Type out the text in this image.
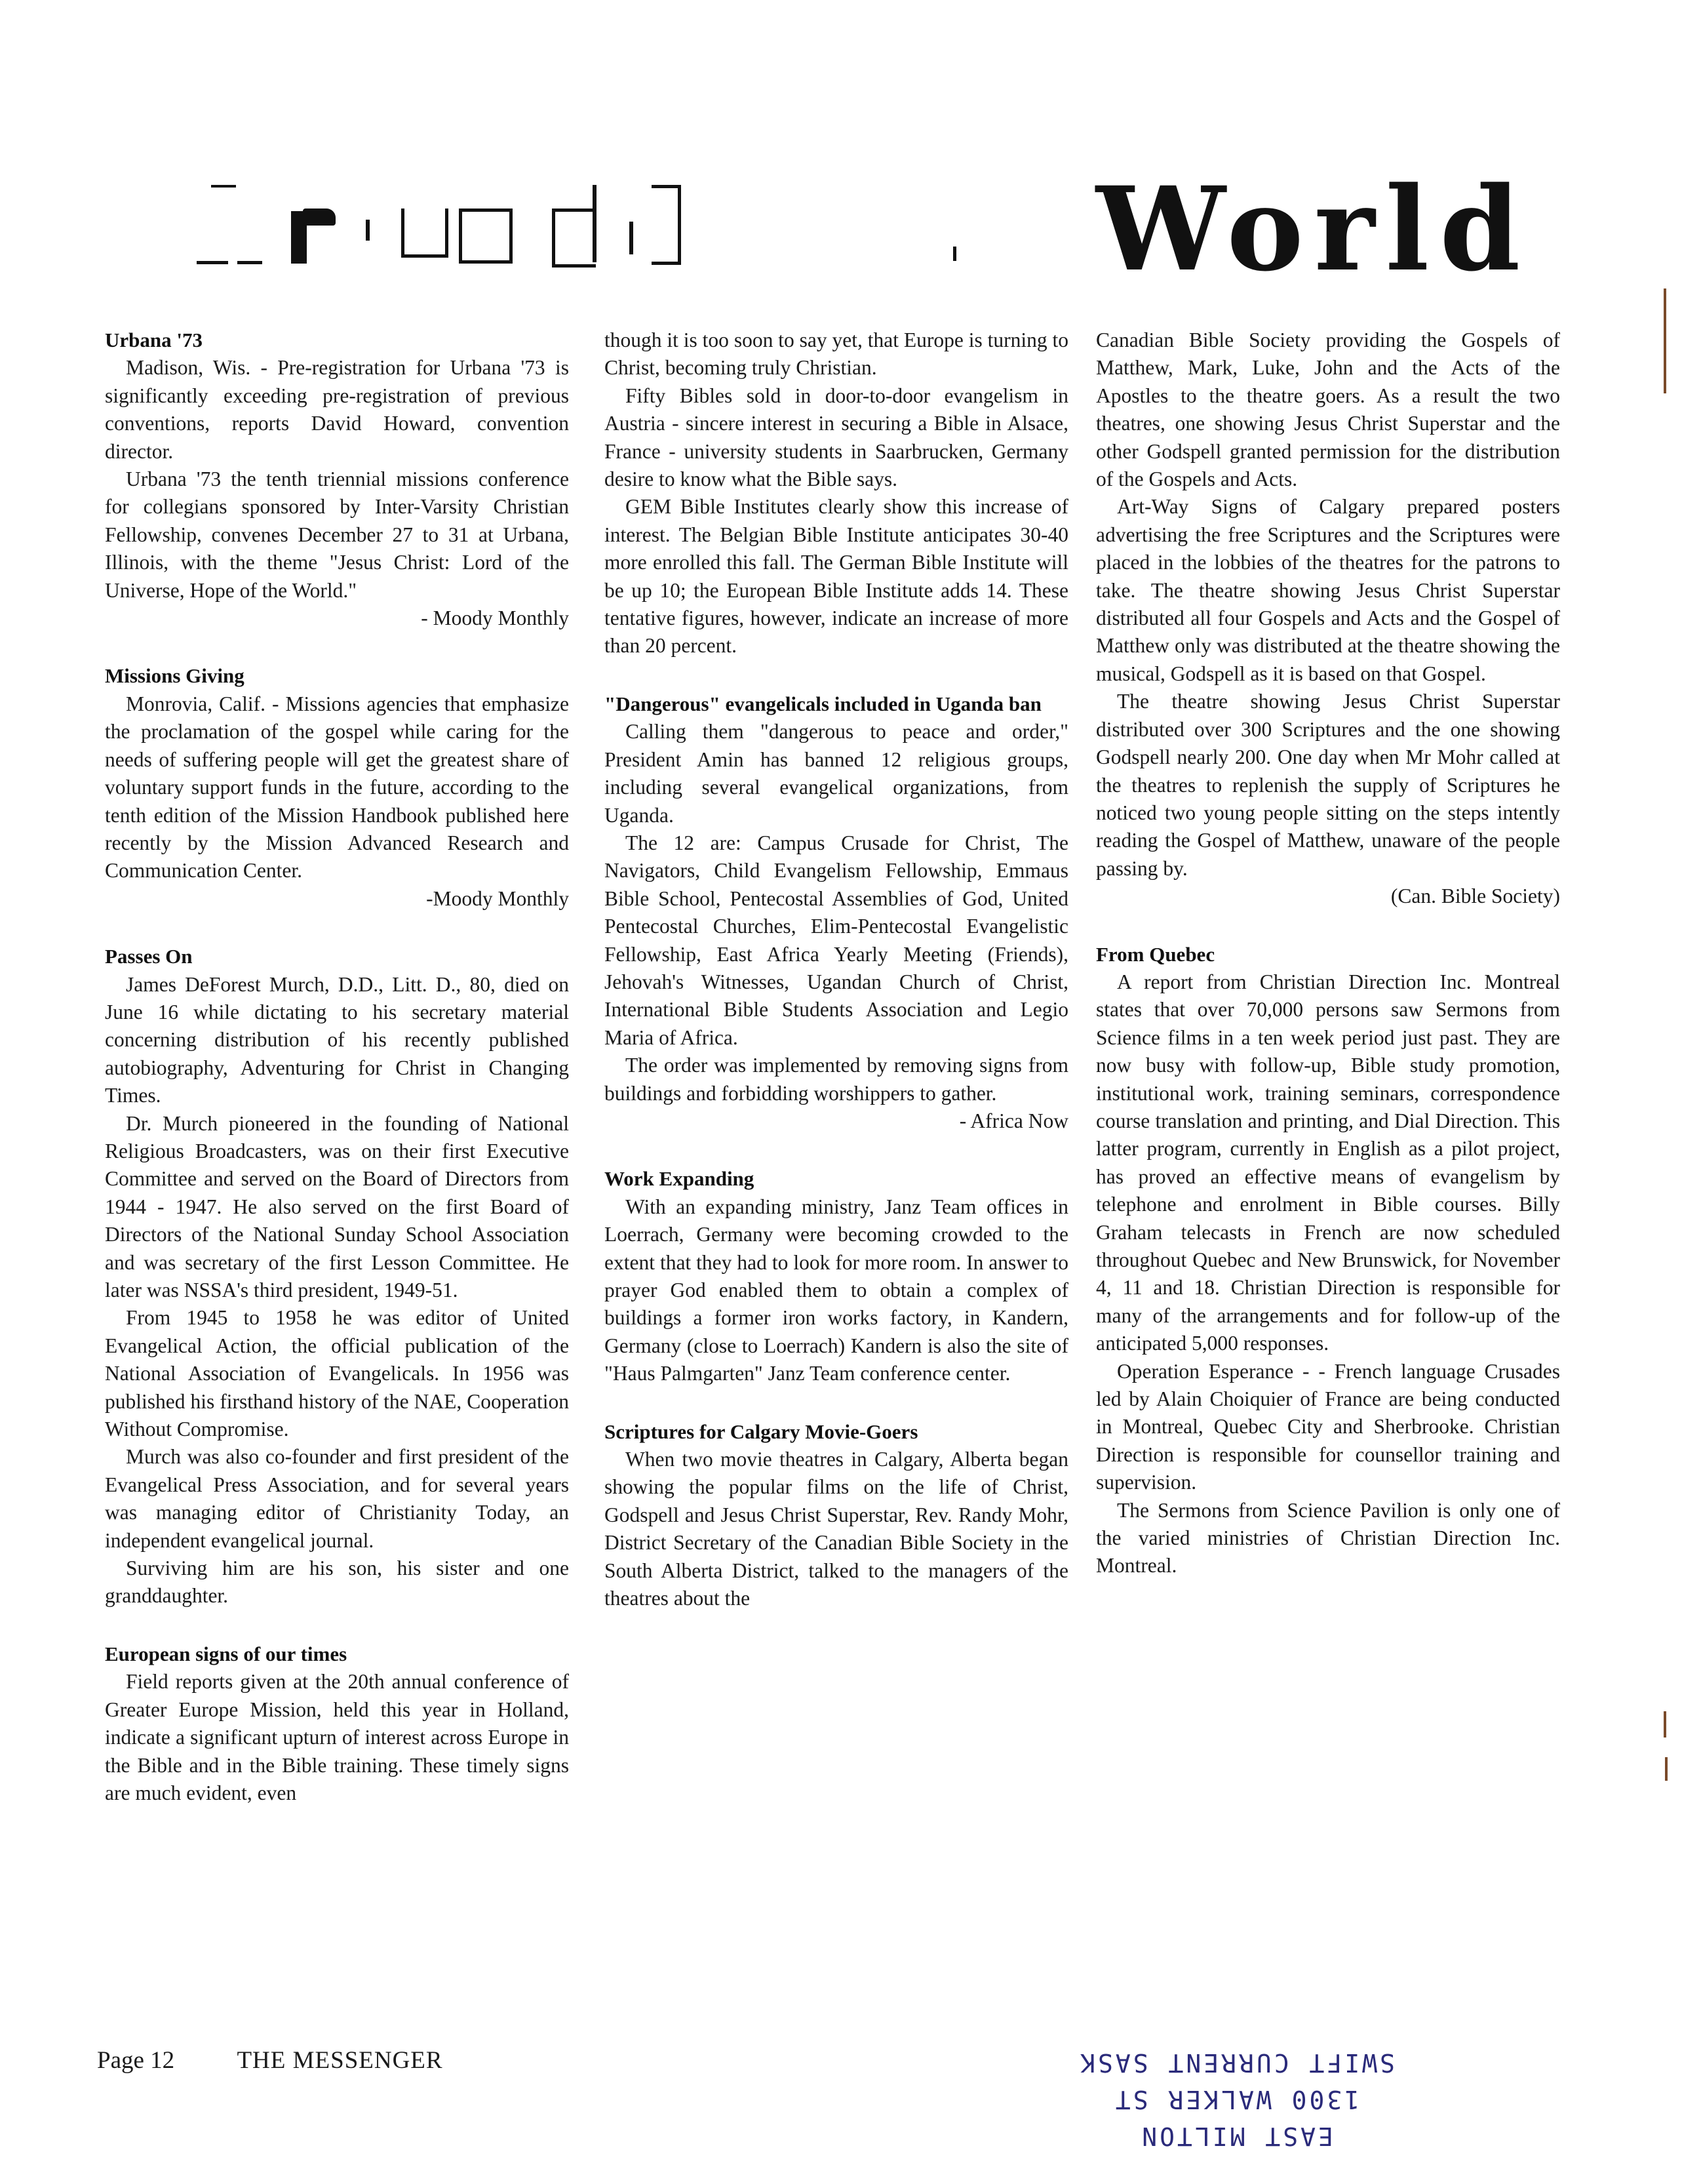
World
Urbana '73

Madison, Wis. - Pre-registration for Urbana '73 is significantly exceeding pre-registration of previous conventions, reports David Howard, convention director.

Urbana '73 the tenth triennial missions conference for collegians sponsored by Inter-Varsity Christian Fellowship, convenes December 27 to 31 at Urbana, Illinois, with the theme "Jesus Christ: Lord of the Universe, Hope of the World."

- Moody Monthly

Missions Giving

Monrovia, Calif. - Missions agencies that emphasize the proclamation of the gospel while caring for the needs of suffering people will get the greatest share of voluntary support funds in the future, according to the tenth edition of the Mission Handbook published here recently by the Mission Advanced Research and Communication Center.

-Moody Monthly

Passes On

James DeForest Murch, D.D., Litt. D., 80, died on June 16 while dictating to his secretary material concerning distribution of his recently published autobiography, Adventuring for Christ in Changing Times.

Dr. Murch pioneered in the founding of National Religious Broadcasters, was on their first Executive Committee and served on the Board of Directors from 1944 - 1947. He also served on the first Board of Directors of the National Sunday School Association and was secretary of the first Lesson Committee. He later was NSSA's third president, 1949-51.

From 1945 to 1958 he was editor of United Evangelical Action, the official publication of the National Association of Evangelicals. In 1956 was published his firsthand history of the NAE, Cooperation Without Compromise.

Murch was also co-founder and first president of the Evangelical Press Association, and for several years was managing editor of Christianity Today, an independent evangelical journal.

Surviving him are his son, his sister and one granddaughter.

European signs of our times

Field reports given at the 20th annual conference of Greater Europe Mission, held this year in Holland, indicate a significant upturn of interest across Europe in the Bible and in the Bible training. These timely signs are much evident, even

though it is too soon to say yet, that Europe is turning to Christ, becoming truly Christian.

Fifty Bibles sold in door-to-door evangelism in Austria - sincere interest in securing a Bible in Alsace, France - university students in Saarbrucken, Germany desire to know what the Bible says.

GEM Bible Institutes clearly show this increase of interest. The Belgian Bible Institute anticipates 30-40 more enrolled this fall. The German Bible Institute will be up 10; the European Bible Institute adds 14. These tentative figures, however, indicate an increase of more than 20 percent.

"Dangerous" evangelicals included in Uganda ban

Calling them "dangerous to peace and order," President Amin has banned 12 religious groups, including several evangelical organizations, from Uganda.

The 12 are: Campus Crusade for Christ, The Navigators, Child Evangelism Fellowship, Emmaus Bible School, Pentecostal Assemblies of God, United Pentecostal Churches, Elim-Pentecostal Evangelistic Fellowship, East Africa Yearly Meeting (Friends), Jehovah's Witnesses, Ugandan Church of Christ, International Bible Students Association and Legio Maria of Africa.

The order was implemented by removing signs from buildings and forbidding worshippers to gather.

- Africa Now

Work Expanding

With an expanding ministry, Janz Team offices in Loerrach, Germany were becoming crowded to the extent that they had to look for more room. In answer to prayer God enabled them to obtain a complex of buildings a former iron works factory, in Kandern, Germany (close to Loerrach) Kandern is also the site of "Haus Palmgarten" Janz Team conference center.

Scriptures for Calgary Movie-Goers

When two movie theatres in Calgary, Alberta began showing the popular films on the life of Christ, Godspell and Jesus Christ Superstar, Rev. Randy Mohr, District Secretary of the Canadian Bible Society in the South Alberta District, talked to the managers of the theatres about the

Canadian Bible Society providing the Gospels of Matthew, Mark, Luke, John and the Acts of the Apostles to the theatre goers. As a result the two theatres, one showing Jesus Christ Superstar and the other Godspell granted permission for the distribution of the Gospels and Acts.

Art-Way Signs of Calgary prepared posters advertising the free Scriptures and the Scriptures were placed in the lobbies of the theatres for the patrons to take. The theatre showing Jesus Christ Superstar distributed all four Gospels and Acts and the Gospel of Matthew only was distributed at the theatre showing the musical, Godspell as it is based on that Gospel.

The theatre showing Jesus Christ Superstar distributed over 300 Scriptures and the one showing Godspell nearly 200. One day when Mr Mohr called at the theatres to replenish the supply of Scriptures he noticed two young people sitting on the steps intently reading the Gospel of Matthew, unaware of the people passing by.

(Can. Bible Society)

From Quebec

A report from Christian Direction Inc. Montreal states that over 70,000 persons saw Sermons from Science films in a ten week period just past. They are now busy with follow-up, Bible study promotion, institutional work, training seminars, correspondence course translation and printing, and Dial Direction. This latter program, currently in English as a pilot project, has proved an effective means of evangelism by telephone and enrolment in Bible courses. Billy Graham telecasts in French are now scheduled throughout Quebec and New Brunswick, for November 4, 11 and 18. Christian Direction is responsible for many of the arrangements and for follow-up of the anticipated 5,000 responses.

Operation Esperance - - French language Crusades led by Alain Choiquier of France are being conducted in Montreal, Quebec City and Sherbrooke. Christian Direction is responsible for counsellor training and supervision.

The Sermons from Science Pavilion is only one of the varied ministries of Christian Direction Inc. Montreal.

Page 12	THE MESSENGER	SWIFT CURRENT SASK
1300 WALKER ST
EAST MILTON
